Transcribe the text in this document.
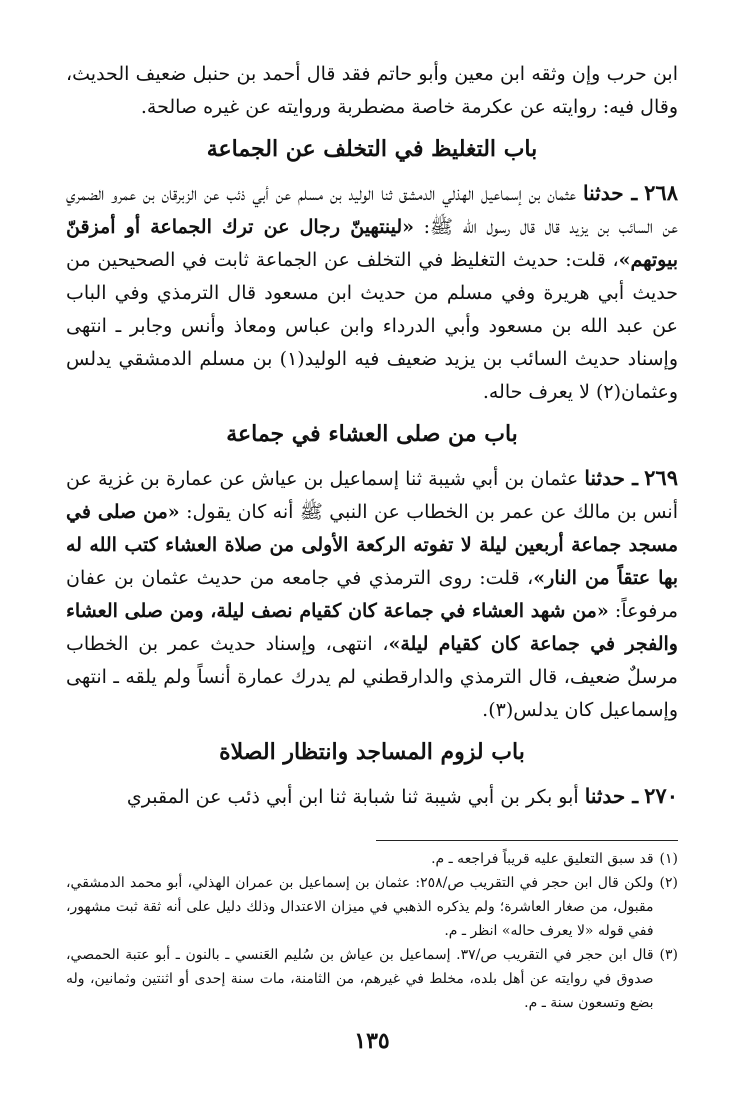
ابن حرب وإن وثقه ابن معين وأبو حاتم فقد قال أحمد بن حنبل ضعيف الحديث، وقال فيه: روايته عن عكرمة خاصة مضطربة وروايته عن غيره صالحة.

باب التغليظ في التخلف عن الجماعة

٢٦٨ ـ حدثنا عثمان بن إسماعيل الهذلي الدمشق ثنا الوليد بن مسلم عن أبي ذئب عن الزبرقان بن عمرو الضمري عن السائب بن يزيد قال قال رسول الله ﷺ: «لينتهينّ رجال عن ترك الجماعة أو أمزقنّ بيوتهم»، قلت: حديث التغليظ في التخلف عن الجماعة ثابت في الصحيحين من حديث أبي هريرة وفي مسلم من حديث ابن مسعود قال الترمذي وفي الباب عن عبد الله بن مسعود وأبي الدرداء وابن عباس ومعاذ وأنس وجابر ـ انتهى وإسناد حديث السائب بن يزيد ضعيف فيه الوليد(١) بن مسلم الدمشقي يدلس وعثمان(٢) لا يعرف حاله.

باب من صلى العشاء في جماعة

٢٦٩ ـ حدثنا عثمان بن أبي شيبة ثنا إسماعيل بن عياش عن عمارة بن غزية عن أنس بن مالك عن عمر بن الخطاب عن النبي ﷺ أنه كان يقول: «من صلى في مسجد جماعة أربعين ليلة لا تفوته الركعة الأولى من صلاة العشاء كتب الله له بها عتقاً من النار»، قلت: روى الترمذي في جامعه من حديث عثمان بن عفان مرفوعاً: «من شهد العشاء في جماعة كان كقيام نصف ليلة، ومن صلى العشاء والفجر في جماعة كان كقيام ليلة»، انتهى، وإسناد حديث عمر بن الخطاب مرسلٌ ضعيف، قال الترمذي والدارقطني لم يدرك عمارة أنساً ولم يلقه ـ انتهى وإسماعيل كان يدلس(٣).

باب لزوم المساجد وانتظار الصلاة

٢٧٠ ـ حدثنا أبو بكر بن أبي شيبة ثنا شبابة ثنا ابن أبي ذئب عن المقبري

(١)
قد سبق التعليق عليه قريباً فراجعه ـ م.

(٢)
ولكن قال ابن حجر في التقريب ص/٢٥٨: عثمان بن إسماعيل بن عمران الهذلي، أبو محمد الدمشقي، مقبول، من صغار العاشرة؛ ولم يذكره الذهبي في ميزان الاعتدال وذلك دليل على أنه ثقة ثبت مشهور، ففي قوله «لا يعرف حاله» انظر ـ م.

(٣)
قال ابن حجر في التقريب ص/٣٧. إسماعيل بن عياش بن سُليم العَنسي ـ بالنون ـ أبو عتبة الحمصي، صدوق في روايته عن أهل بلده، مخلط في غيرهم، من الثامنة، مات سنة إحدى أو اثنتين وثمانين، وله بضع وتسعون سنة ـ م.

١٣٥
